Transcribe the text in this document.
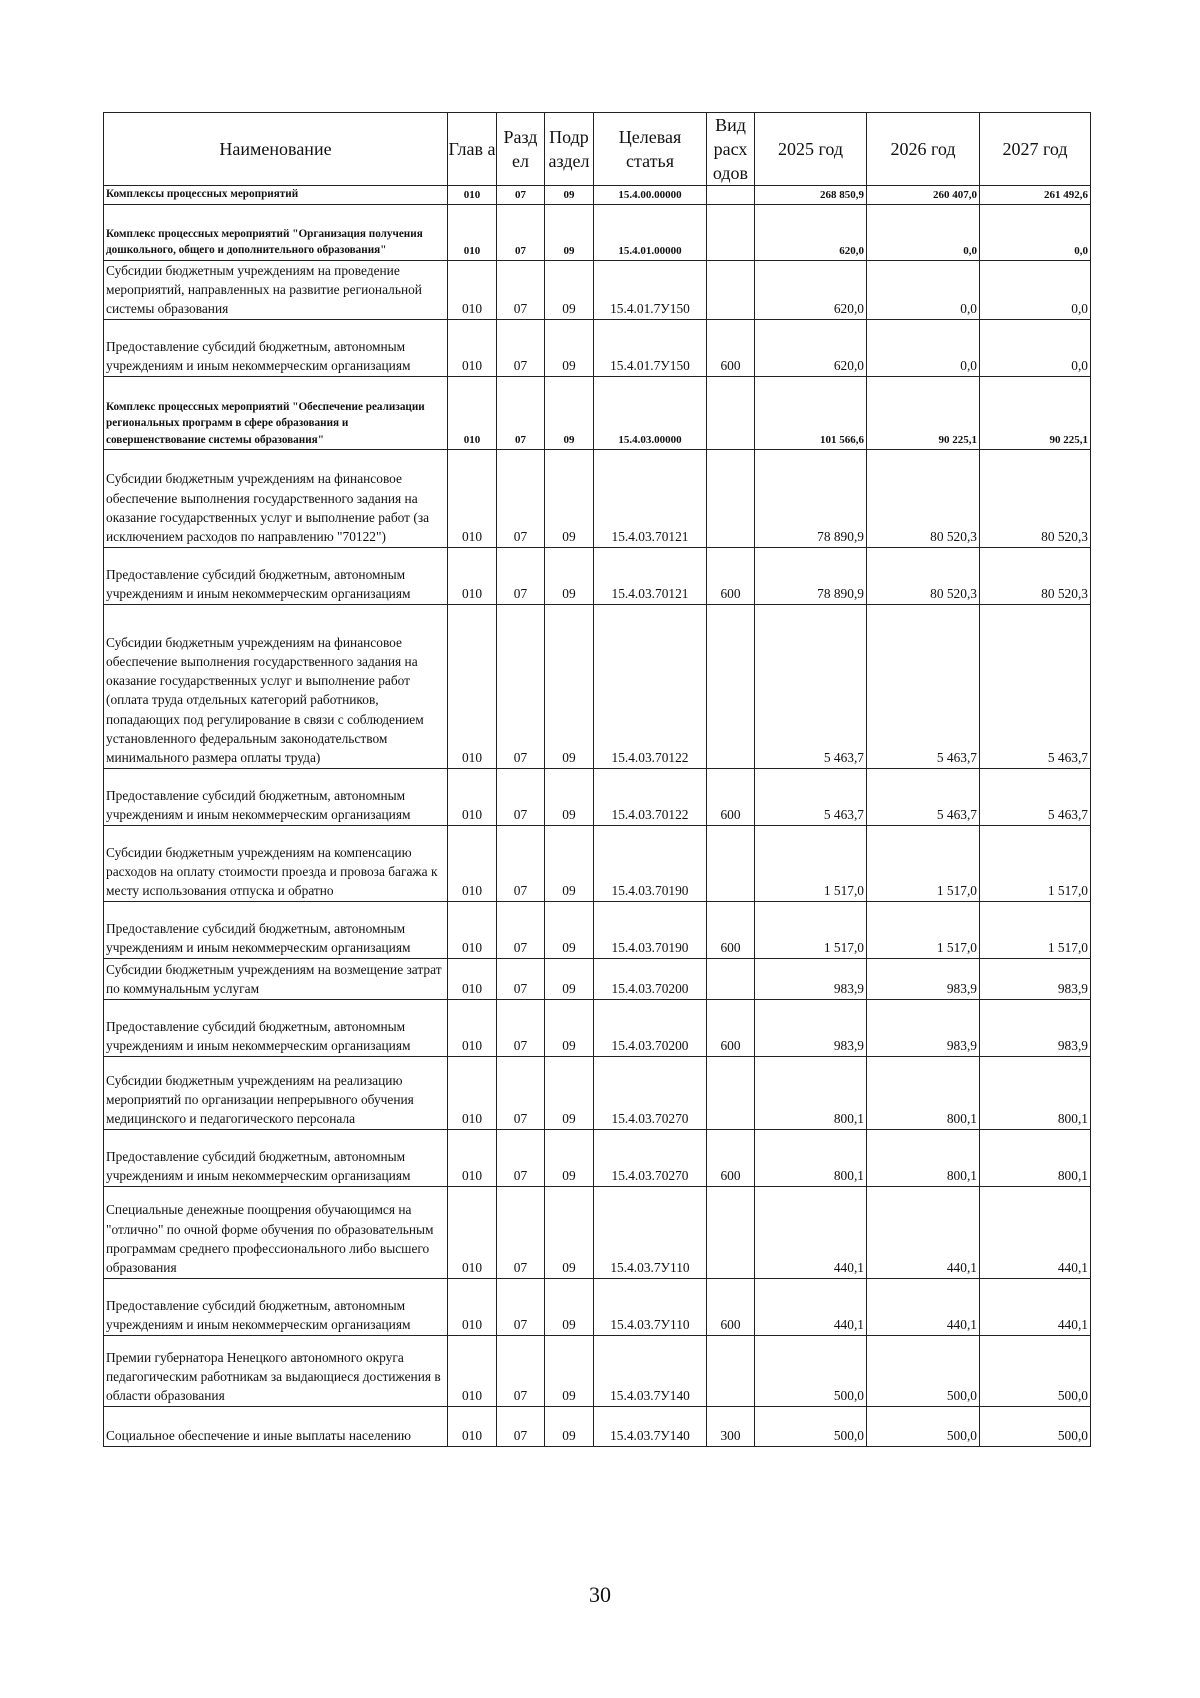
Наименование	Глав а	Разд ел	Подр аздел	Целевая статья	Вид расх одов	2025 год	2026 год	2027 год
Комплексы процессных мероприятий	010	07	09	15.4.00.00000		268 850,9	260 407,0	261 492,6
Комплекс процессных мероприятий "Организация получения дошкольного, общего и дополнительного образования"	010	07	09	15.4.01.00000		620,0	0,0	0,0
Субсидии бюджетным учреждениям на проведение мероприятий, направленных на развитие региональной системы образования	010	07	09	15.4.01.7У150		620,0	0,0	0,0
Предоставление субсидий бюджетным, автономным учреждениям и иным некоммерческим организациям	010	07	09	15.4.01.7У150	600	620,0	0,0	0,0
Комплекс процессных мероприятий "Обеспечение реализации региональных программ в сфере образования и совершенствование системы образования"	010	07	09	15.4.03.00000		101 566,6	90 225,1	90 225,1
Субсидии бюджетным учреждениям на финансовое обеспечение выполнения государственного задания на оказание государственных услуг и выполнение работ (за исключением расходов по направлению "70122")	010	07	09	15.4.03.70121		78 890,9	80 520,3	80 520,3
Предоставление субсидий бюджетным, автономным учреждениям и иным некоммерческим организациям	010	07	09	15.4.03.70121	600	78 890,9	80 520,3	80 520,3
Субсидии бюджетным учреждениям на финансовое обеспечение выполнения государственного задания на оказание государственных услуг и выполнение работ (оплата труда отдельных категорий работников, попадающих под регулирование в связи с соблюдением установленного федеральным законодательством минимального размера оплаты труда)	010	07	09	15.4.03.70122		5 463,7	5 463,7	5 463,7
Предоставление субсидий бюджетным, автономным учреждениям и иным некоммерческим организациям	010	07	09	15.4.03.70122	600	5 463,7	5 463,7	5 463,7
Субсидии бюджетным учреждениям на компенсацию расходов на оплату стоимости проезда и провоза багажа к месту использования отпуска и обратно	010	07	09	15.4.03.70190		1 517,0	1 517,0	1 517,0
Предоставление субсидий бюджетным, автономным учреждениям и иным некоммерческим организациям	010	07	09	15.4.03.70190	600	1 517,0	1 517,0	1 517,0
Субсидии бюджетным учреждениям на возмещение затрат по коммунальным услугам	010	07	09	15.4.03.70200		983,9	983,9	983,9
Предоставление субсидий бюджетным, автономным учреждениям и иным некоммерческим организациям	010	07	09	15.4.03.70200	600	983,9	983,9	983,9
Субсидии бюджетным учреждениям на реализацию мероприятий по организации непрерывного обучения медицинского и педагогического персонала	010	07	09	15.4.03.70270		800,1	800,1	800,1
Предоставление субсидий бюджетным, автономным учреждениям и иным некоммерческим организациям	010	07	09	15.4.03.70270	600	800,1	800,1	800,1
Специальные денежные поощрения обучающимся на "отлично" по очной форме обучения по образовательным программам среднего профессионального либо высшего образования	010	07	09	15.4.03.7У110		440,1	440,1	440,1
Предоставление субсидий бюджетным, автономным учреждениям и иным некоммерческим организациям	010	07	09	15.4.03.7У110	600	440,1	440,1	440,1
Премии губернатора Ненецкого автономного округа педагогическим работникам за выдающиеся достижения в области образования	010	07	09	15.4.03.7У140		500,0	500,0	500,0
Социальное обеспечение и иные выплаты населению	010	07	09	15.4.03.7У140	300	500,0	500,0	500,0
30
